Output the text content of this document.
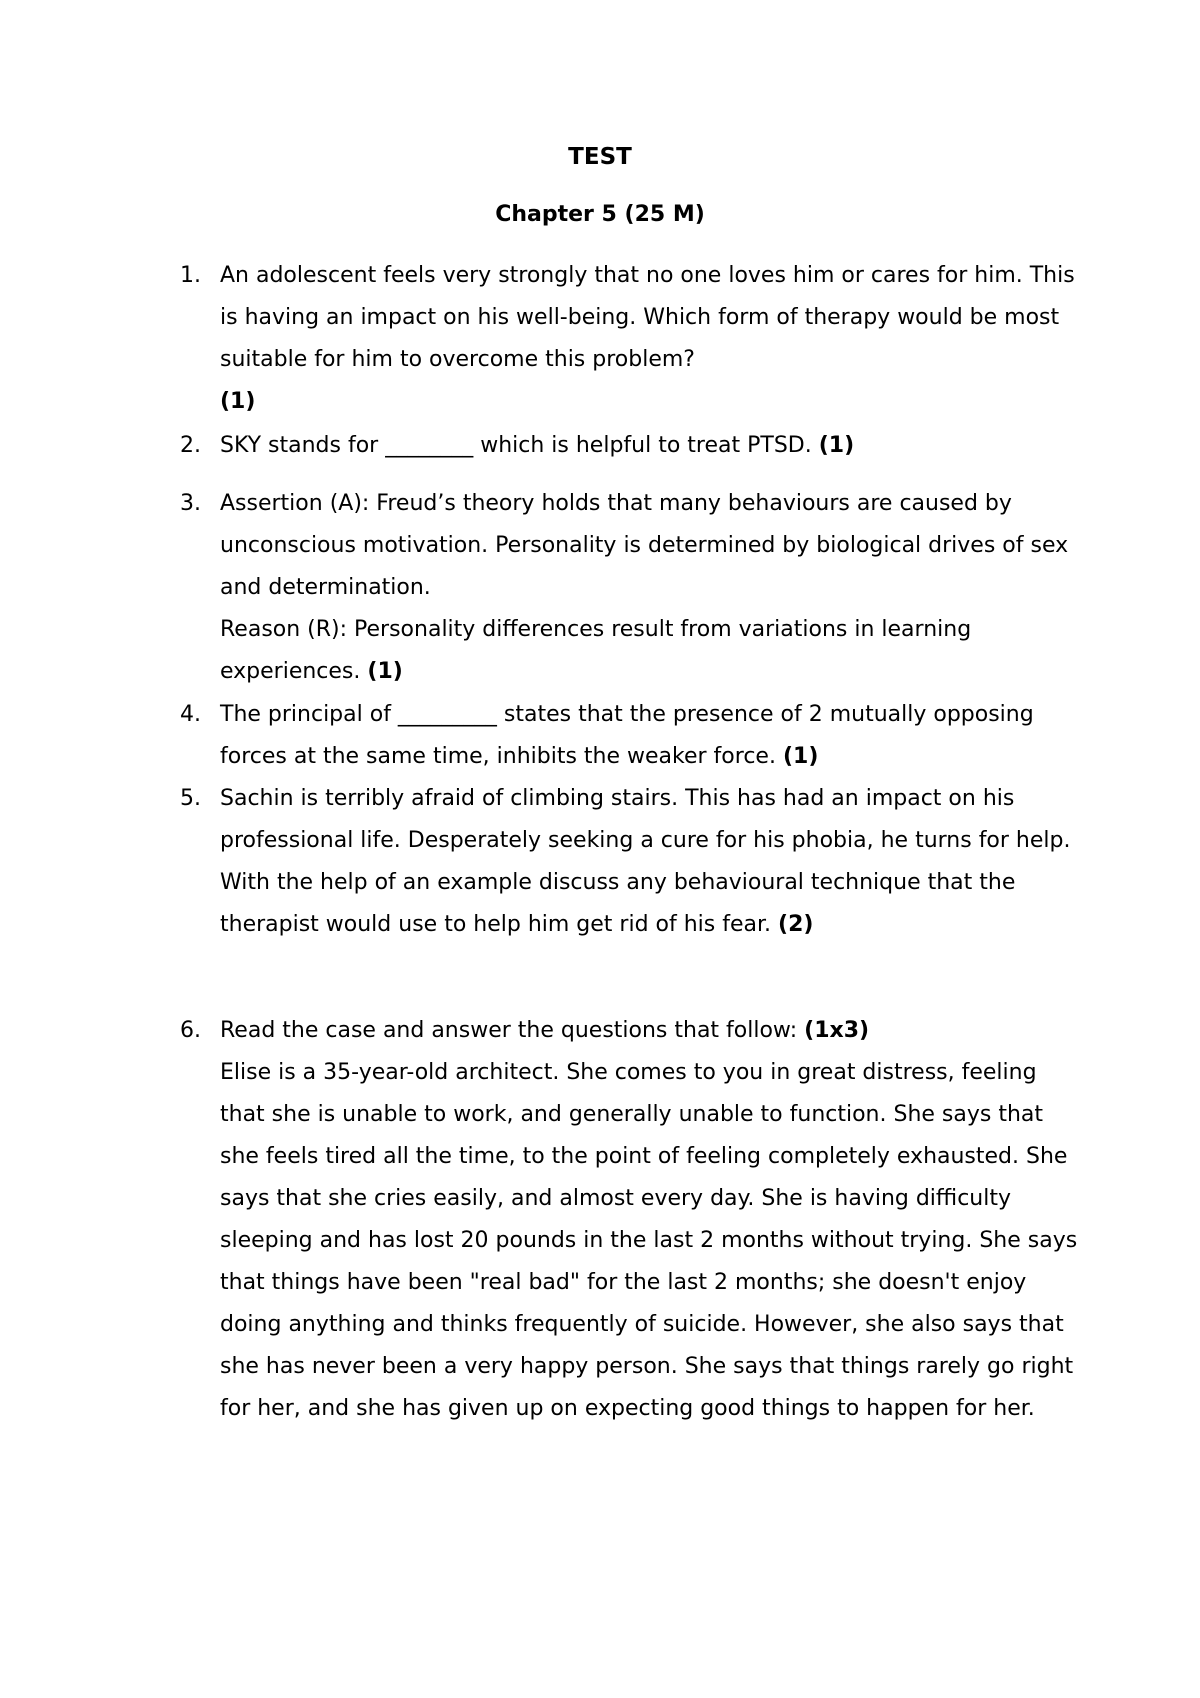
TEST
Chapter 5 (25 M)
1. An adolescent feels very strongly that no one loves him or cares for him. This is having an impact on his well-being. Which form of therapy would be most suitable for him to overcome this problem?
(1)
2. SKY stands for ________ which is helpful to treat PTSD. (1)
3. Assertion (A): Freud’s theory holds that many behaviours are caused by unconscious motivation. Personality is determined by biological drives of sex and determination.
Reason (R): Personality differences result from variations in learning experiences. (1)
4. The principal of _________ states that the presence of 2 mutually opposing forces at the same time, inhibits the weaker force. (1)
5. Sachin is terribly afraid of climbing stairs. This has had an impact on his professional life. Desperately seeking a cure for his phobia, he turns for help. With the help of an example discuss any behavioural technique that the therapist would use to help him get rid of his fear. (2)
6. Read the case and answer the questions that follow: (1x3)
Elise is a 35-year-old architect. She comes to you in great distress, feeling that she is unable to work, and generally unable to function. She says that she feels tired all the time, to the point of feeling completely exhausted. She says that she cries easily, and almost every day. She is having difficulty sleeping and has lost 20 pounds in the last 2 months without trying. She says that things have been "real bad" for the last 2 months; she doesn't enjoy doing anything and thinks frequently of suicide. However, she also says that she has never been a very happy person. She says that things rarely go right for her, and she has given up on expecting good things to happen for her.
